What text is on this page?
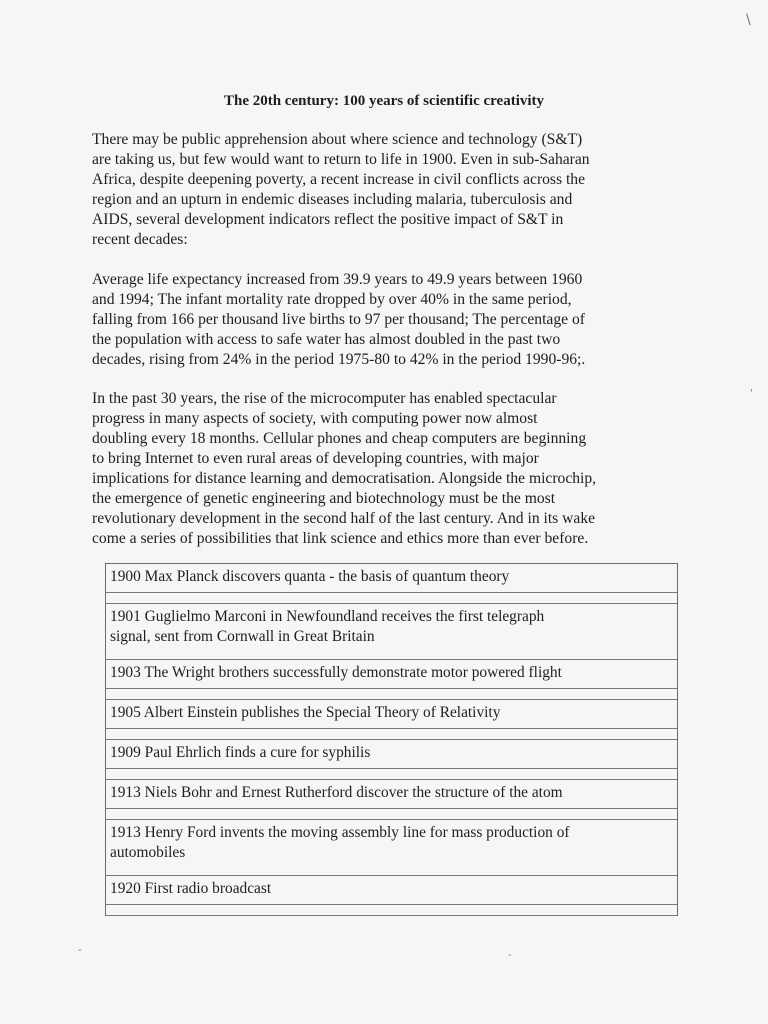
The 20th century: 100 years of scientific creativity

There may be public apprehension about where science and technology (S&T)
are taking us, but few would want to return to life in 1900. Even in sub-Saharan
Africa, despite deepening poverty, a recent increase in civil conflicts across the
region and an upturn in endemic diseases including malaria, tuberculosis and
AIDS, several development indicators reflect the positive impact of S&T in
recent decades:

Average life expectancy increased from 39.9 years to 49.9 years between 1960
and 1994; The infant mortality rate dropped by over 40% in the same period,
falling from 166 per thousand live births to 97 per thousand; The percentage of
the population with access to safe water has almost doubled in the past two
decades, rising from 24% in the period 1975-80 to 42% in the period 1990-96;.

In the past 30 years, the rise of the microcomputer has enabled spectacular
progress in many aspects of society, with computing power now almost
doubling every 18 months. Cellular phones and cheap computers are beginning
to bring Internet to even rural areas of developing countries, with major
implications for distance learning and democratisation. Alongside the microchip,
the emergence of genetic engineering and biotechnology must be the most
revolutionary development in the second half of the last century. And in its wake
come a series of possibilities that link science and ethics more than ever before.

1900 Max Planck discovers quanta - the basis of quantum theory
1901 Guglielmo Marconi in Newfoundland receives the first telegraph
signal, sent from Cornwall in Great Britain
1903 The Wright brothers successfully demonstrate motor powered flight
1905 Albert Einstein publishes the Special Theory of Relativity
1909 Paul Ehrlich finds a cure for syphilis
1913 Niels Bohr and Ernest Rutherford discover the structure of the atom
1913 Henry Ford invents the moving assembly line for mass production of
automobiles
1920 First radio broadcast
\
'
-	-
